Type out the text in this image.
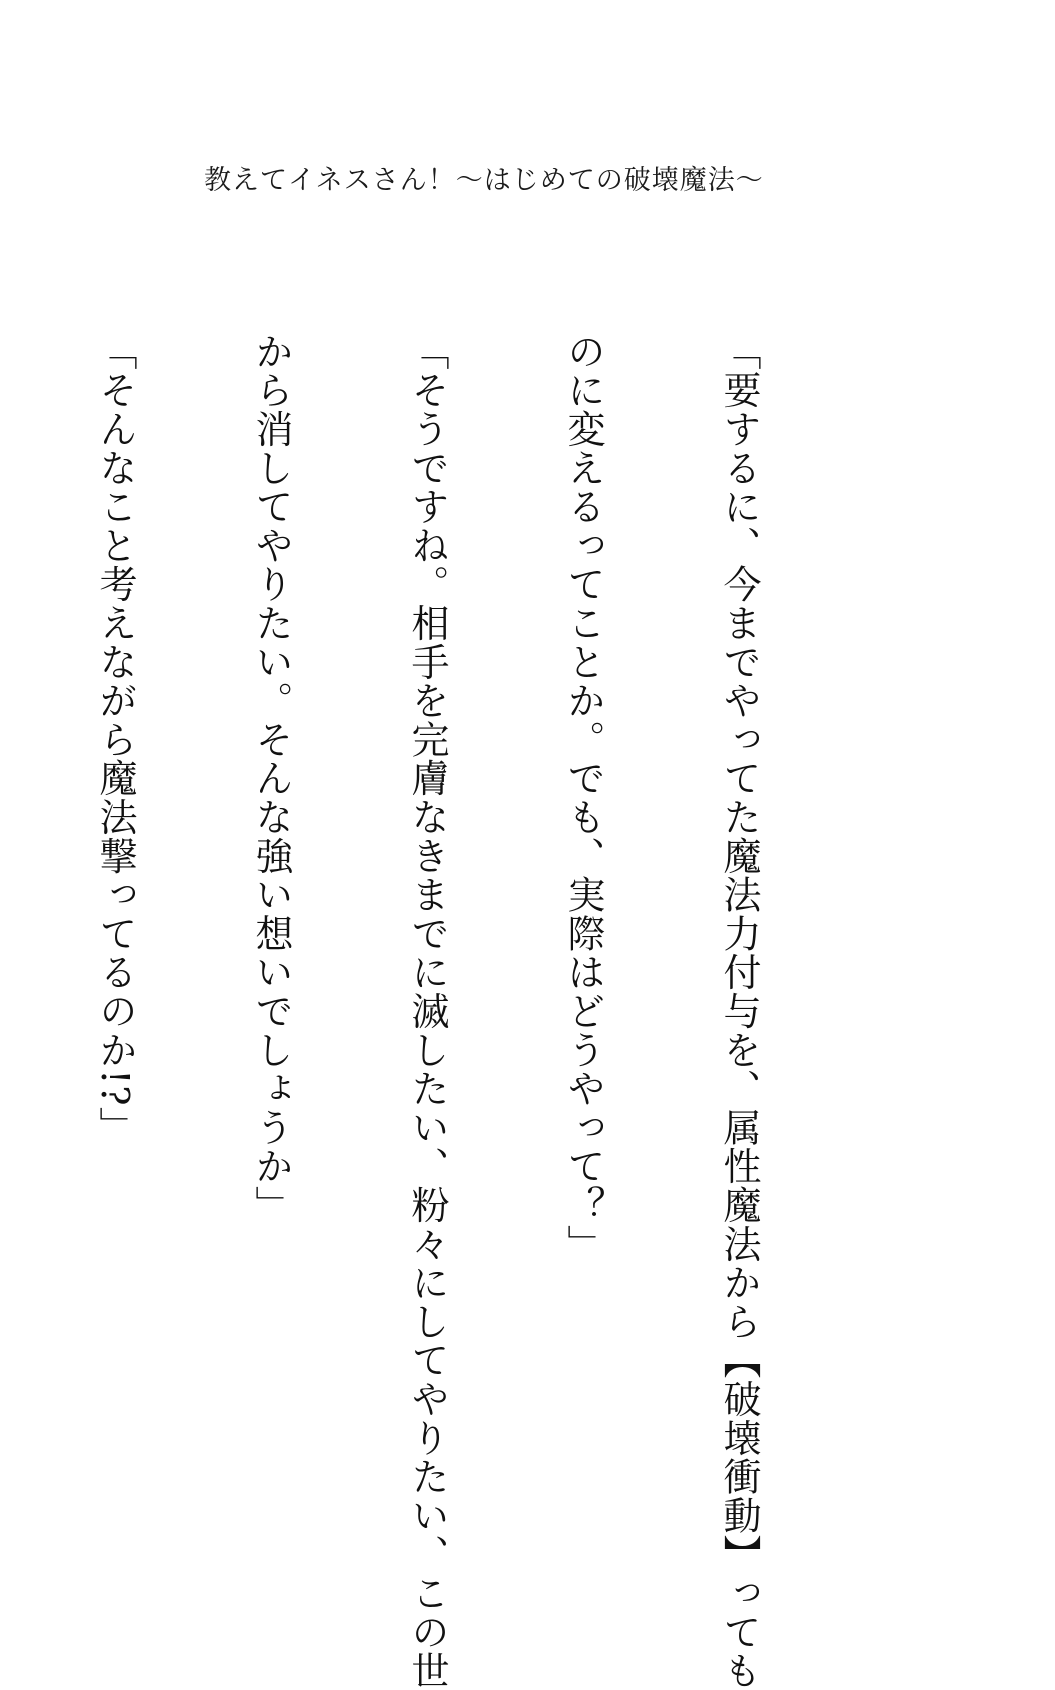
教えてイネスさん！～はじめての破壊魔法～

「要するに、今までやってた魔法力付与を、属性魔法から【破壊衝動】っても

のに変えるってことか。でも、実際はどうやって？」

「そうですね。相手を完膚なきまでに滅したい、粉々にしてやりたい、この世

から消してやりたい。そんな強い想いでしょうか」

「そんなこと考えながら魔法撃ってるのか!?」
